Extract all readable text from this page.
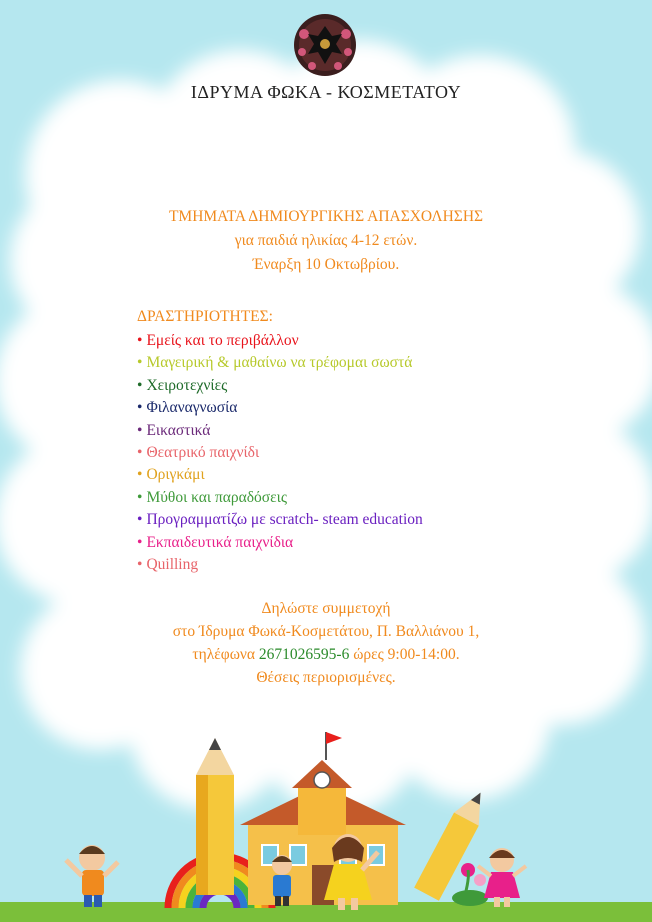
ΙΔΡΥΜΑ ΦΩΚΑ - ΚΟΣΜΕΤΑΤΟΥ
ΤΜΗΜΑΤΑ ΔΗΜΙΟΥΡΓΙΚΗΣ ΑΠΑΣΧΟΛΗΣΗΣ
για παιδιά ηλικίας 4-12 ετών.
Έναρξη 10 Οκτωβρίου.
ΔΡΑΣΤΗΡΙΟΤΗΤΕΣ:
• Εμείς και το περιβάλλον
• Μαγειρική & μαθαίνω να τρέφομαι σωστά
• Χειροτεχνίες
• Φιλαναγνωσία
• Εικαστικά
• Θεατρικό παιχνίδι
• Οριγκάμι
• Μύθοι και παραδόσεις
• Προγραμματίζω με scratch- steam education
• Εκπαιδευτικά παιχνίδια
• Quilling
Δηλώστε συμμετοχή
στο Ίδρυμα Φωκά-Κοσμετάτου, Π. Βαλλιάνου 1,
τηλέφωνα 2671026595-6 ώρες 9:00-14:00.
Θέσεις περιορισμένες.
